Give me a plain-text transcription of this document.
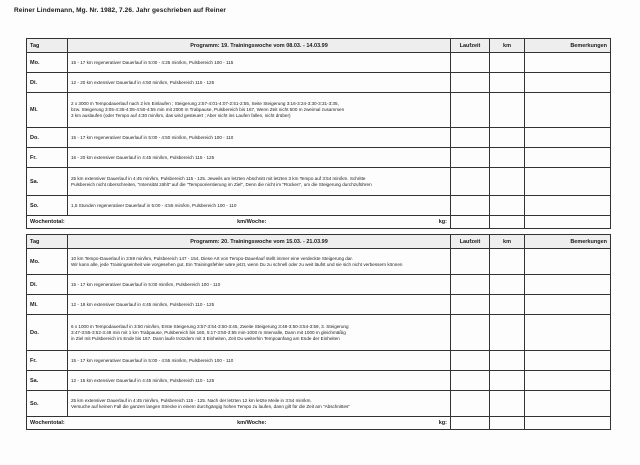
Reiner Lindemann, Mg. Nr. 1982, 7.26. Jahr geschrieben auf Reiner
Tag	Programm: 19. Trainingswoche vom 08.03. - 14.03.99	Laufzeit	km	Bemerkungen
Mo.	15 - 17 km regenerativer Dauerlauf in 5:00 - 4:25 min/km, Pulsbereich 100 - 115			

Di.	12 - 20 km extensiver Dauerlauf in 4:50 min/km, Pulsbereich 115 - 125			

Mi.	2 x 3000 m Tempodauerlauf nach 2 km Einlaufen ; Steigerung 2:57-4:01-4:07-2:51-2:55, Seite Steigerung 3:16-3:24-3:30-3:31-3:35,
bzw. Steigerung 3:05-4:35-4:05-4:50-4:55 min mit 2000 m Trabpause, Pulsbereich bis 167, Wenn Zeit nicht 500 m zweimal zusammen
3 km auslaufen (oder Tempo auf 4:30 min/km, das wird gesteuert ; Aber nicht ins Laufen fallen, nicht drüber)			

Do.	15 - 17 km regenerativer Dauerlauf in 5:00 - 4:50 min/km, Pulsbereich 100 - 110			

Fr.	16 - 20 km extensiver Dauerlauf in 4:45 min/km, Pulsbereich 115 - 125			

Sa.	25 km extensiver Dauerlauf in 4:45 min/km, Pulsbereich 115 - 125. Jeweils am letzten Abschnitt mit letzten 3 km Tempo auf 3:54 min/km. Schritte
Pulsbereich nicht überschreiten, "Intensität zählt" auf die "Tempoorientierung im Ziel", Denn die nicht im "Rücken", um die Steigerung durchzuführen			

So.	1,5 Stunden regenerativer Dauerlauf in 5:00 - 4:55 min/km, Pulsbereich 100 - 110			

Wochentotal: km/Woche: kg:				

Tag	Programm: 20. Trainingswoche vom 15.03. - 21.03.99	Laufzeit	km	Bemerkungen
Mo.	10 km Tempo-Dauerlauf in 3:59 min/km, Pulsbereich 147 - 154. Diese Art von Tempo-Dauerlauf stellt immer eine verdeckte Steigerung dar.
Wir kann alle, jede Trainingseinheit wie vorgesehen gut. Ein Trainingsfehler wäre jetzt, wenn Du zu schnell oder zu weit läufst und sie sich nicht verbessern können			

Di.	15 - 17 km regenerativer Dauerlauf in 5:00 min/km, Pulsbereich 100 - 110			

Mi.	12 - 18 km extensiver Dauerlauf in 4:45 min/km, Pulsbereich 110 - 125			

Do.	6 x 1000 m Tempodauerlauf in 3:50 min/km, Erste Steigerung 3:57-3:54-3:50-3:45, Zweite Steigerung 3:48-3:50-3:54-3:59, 3. Steigerung
3:47-3:55-3:52-3:48 min mit 1 km Trabpause, Pulsbereich bis 160, 5:17-3:50-3:55 min-1000 m Intervalle, Dann mit 1000 m gleichmäßig
in Ziel mit Pulsbereich im Ende bis 167. Dann laufe trotzdem mit 3 Einheiten, Zeit Du weiterhin Tempoanfang am Ende der Einheiten			

Fr.	15 - 17 km regenerativer Dauerlauf in 5:00 - 4:55 min/km, Pulsbereich 100 - 110			

Sa.	12 - 15 km extensiver Dauerlauf in 4:45 min/km, Pulsbereich 110 - 125			

So.	25 km extensiver Dauerlauf in 4:45 min/km, Pulsbereich 115 - 125. Nach der letzten 12 km letzte Meile in 3:54 min/km.
Versuche auf keinen Fall die ganzen langen Strecke in einem durchgängig hohen Tempo zu laufen, dann gilt für die Zeit am "Abschnittes"			

Wochentotal: km/Woche: kg:				
